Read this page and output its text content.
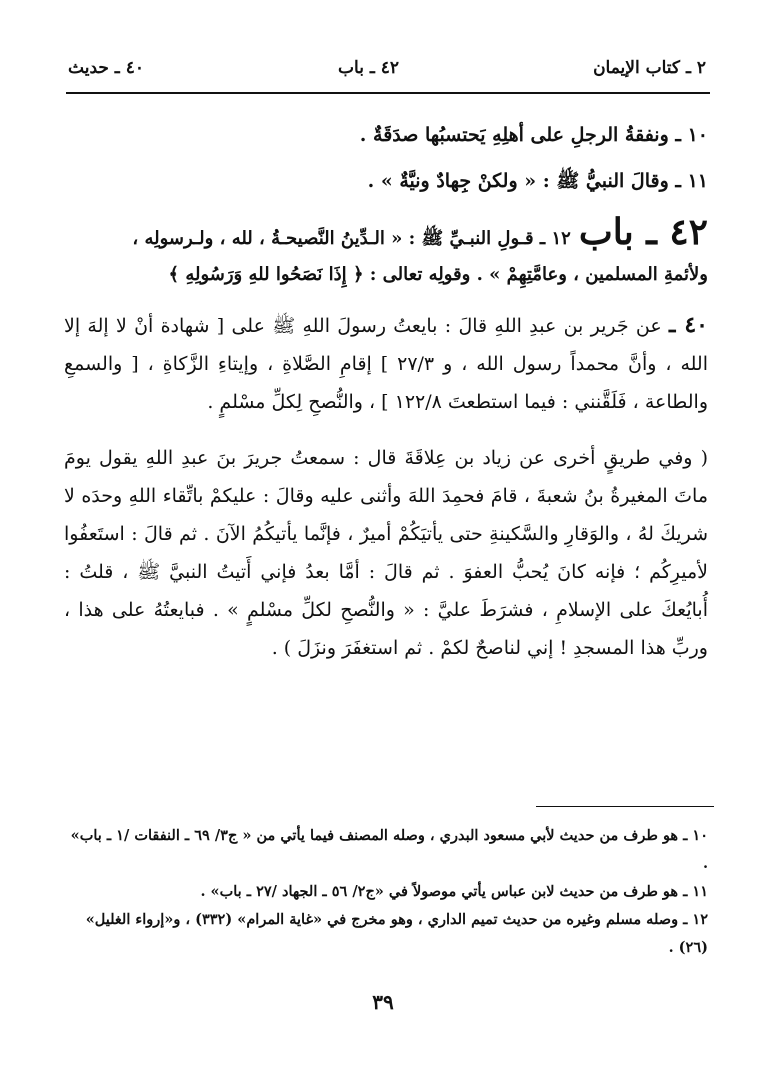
٢ ـ كتاب الإيمان
٤٢ ـ باب
٤٠ ـ حديث

١٠ ـ ونفقةُ الرجلِ على أهلِهِ يَحتسبُها صدَقَةٌ .

١١ ـ وقالَ النبيُّ ﷺ : « ولكنْ جِهادٌ ونيَّةٌ » .

٤٢ ـ باب
١٢ ـ قـولِ النبـيِّ ﷺ : « الـدِّينُ النَّصيحـةُ ، لله ، ولـرسولِه ،
ولأئمةِ المسلمين ، وعامَّتِهِمْ » . وقولِه تعالى : ﴿ إِذَا نَصَحُوا للهِ وَرَسُولِهِ ﴾

٤٠ ـ عن جَرير بن عبدِ اللهِ قالَ : بايعتُ رسولَ اللهِ ﷺ على [ شهادة أنْ لا إلهَ إلا الله ، وأنَّ محمداً رسول الله ، و ٢٧/٣ ] إقامِ الصَّلاةِ ، وإيتاءِ الزَّكاةِ ، [ والسمعِ والطاعة ، فَلَقَّنني : فيما استطعتَ ١٢٢/٨ ] ، والنُّصحِ لِكلِّ مسْلمٍ .

( وفي طريقٍ أخرى عن زياد بن عِلاقَةَ قال : سمعتُ جريرَ بنَ عبدِ اللهِ يقول يومَ ماتَ المغيرةُ بنُ شعبةَ ، قامَ فحمِدَ اللهَ وأثنى عليه وقالَ : عليكمْ باتِّقاء اللهِ وحدَه لا شريكَ لهُ ، والوَقارِ والسَّكينةِ حتى يأتيَكُمْ أميرٌ ، فإنَّما يأتيكُمُ الآنَ . ثم قالَ : استَعفُوا لأميرِكُم ؛ فإنه كانَ يُحبُّ العفوَ . ثم قالَ : أمَّا بعدُ فإني أَتيتُ النبيَّ ﷺ ، قلتُ : أُبايُعكَ على الإسلامِ ، فشرَطَ عليَّ : « والنُّصحِ لكلِّ مسْلمٍ » . فبايعتُهُ على هذا ، وربِّ هذا المسجدِ ! إني لناصحٌ لكمْ . ثم استغفَرَ ونزَلَ ) .

١٠ ـ هو طرف من حديث لأبي مسعود البدري ، وصله المصنف فيما يأتي من « ج٣/ ٦٩ ـ النفقات /١ ـ باب» .

١١ ـ هو طرف من حديث لابن عباس يأتي موصولاً في «ج٢/ ٥٦ ـ الجهاد /٢٧ ـ باب» .

١٢ ـ وصله مسلم وغيره من حديث تميم الداري ، وهو مخرج في «غاية المرام» (٣٣٢) ، و«إرواء الغليل» (٢٦) .

٣٩
